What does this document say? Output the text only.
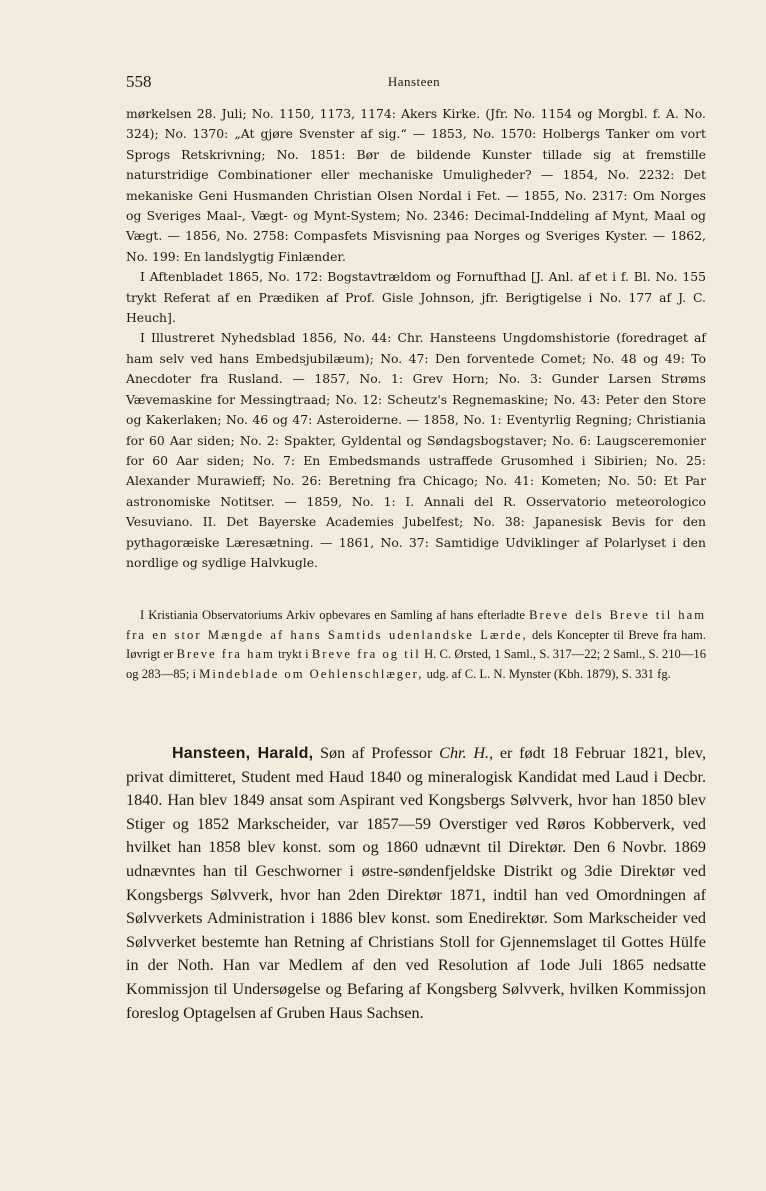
558	Hansteen

mørkelsen 28. Juli; No. 1150, 1173, 1174: Akers Kirke. (Jfr. No. 1154 og Morgbl. f. A. No. 324); No. 1370: „At gjøre Svenster af sig.“ — 1853, No. 1570: Holbergs Tanker om vort Sprogs Retskrivning; No. 1851: Bør de bildende Kunster tillade sig at fremstille naturstridige Combinationer eller mechaniske Umuligheder? — 1854, No. 2232: Det mekaniske Geni Husmanden Christian Olsen Nordal i Fet. — 1855, No. 2317: Om Norges og Sveriges Maal-, Vægt- og Mynt-System; No. 2346: Decimal-Inddeling af Mynt, Maal og Vægt. — 1856, No. 2758: Compasfets Misvisning paa Norges og Sveriges Kyster. — 1862, No. 199: En landslygtig Finlænder.

I Aftenbladet 1865, No. 172: Bogstavtrældom og Fornufthad [J. Anl. af et i f. Bl. No. 155 trykt Referat af en Prædiken af Prof. Gisle Johnson, jfr. Berigtigelse i No. 177 af J. C. Heuch].

I Illustreret Nyhedsblad 1856, No. 44: Chr. Hansteens Ungdomshistorie (foredraget af ham selv ved hans Embedsjubilæum); No. 47: Den forventede Comet; No. 48 og 49: To Anecdoter fra Rusland. — 1857, No. 1: Grev Horn; No. 3: Gunder Larsen Strøms Vævemaskine for Messingtraad; No. 12: Scheutz's Regnemaskine; No. 43: Peter den Store og Kakerlaken; No. 46 og 47: Asteroiderne. — 1858, No. 1: Eventyrlig Regning; Christiania for 60 Aar siden; No. 2: Spakter, Gyldental og Søndagsbogstaver; No. 6: Laugsceremonier for 60 Aar siden; No. 7: En Embedsmands ustraffede Grusomhed i Sibirien; No. 25: Alexander Murawieff; No. 26: Beretning fra Chicago; No. 41: Kometen; No. 50: Et Par astronomiske Notitser. — 1859, No. 1: I. Annali del R. Osservatorio meteorologico Vesuviano. II. Det Bayerske Academies Jubelfest; No. 38: Japanesisk Bevis for den pythagoræiske Læresætning. — 1861, No. 37: Samtidige Udviklinger af Polarlyset i den nordlige og sydlige Halvkugle.

I Kristiania Observatoriums Arkiv opbevares en Samling af hans efterladte Breve dels Breve til ham fra en stor Mængde af hans Samtids udenlandske Lærde, dels Koncepter til Breve fra ham. Iøvrigt er Breve fra ham trykt i Breve fra og til H. C. Ørsted, 1 Saml., S. 317—22; 2 Saml., S. 210—16 og 283—85; i Mindeblade om Oehlenschlæger, udg. af C. L. N. Mynster (Kbh. 1879), S. 331 fg.

Hansteen, Harald, Søn af Professor Chr. H., er født 18 Februar 1821, blev, privat dimitteret, Student med Haud 1840 og mineralogisk Kandidat med Laud i Decbr. 1840. Han blev 1849 ansat som Aspirant ved Kongsbergs Sølvverk, hvor han 1850 blev Stiger og 1852 Markscheider, var 1857—59 Overstiger ved Røros Kobberverk, ved hvilket han 1858 blev konst. som og 1860 udnævnt til Direktør. Den 6 Novbr. 1869 udnævntes han til Geschworner i østre-søndenfjeldske Distrikt og 3die Direktør ved Kongsbergs Sølvverk, hvor han 2den Direktør 1871, indtil han ved Omordningen af Sølvverkets Administration i 1886 blev konst. som Enedirektør. Som Markscheider ved Sølvverket bestemte han Retning af Christians Stoll for Gjennemslaget til Gottes Hülfe in der Noth. Han var Medlem af den ved Resolution af 1ode Juli 1865 nedsatte Kommissjon til Undersøgelse og Befaring af Kongsberg Sølvverk, hvilken Kommissjon foreslog Optagelsen af Gruben Haus Sachsen.
